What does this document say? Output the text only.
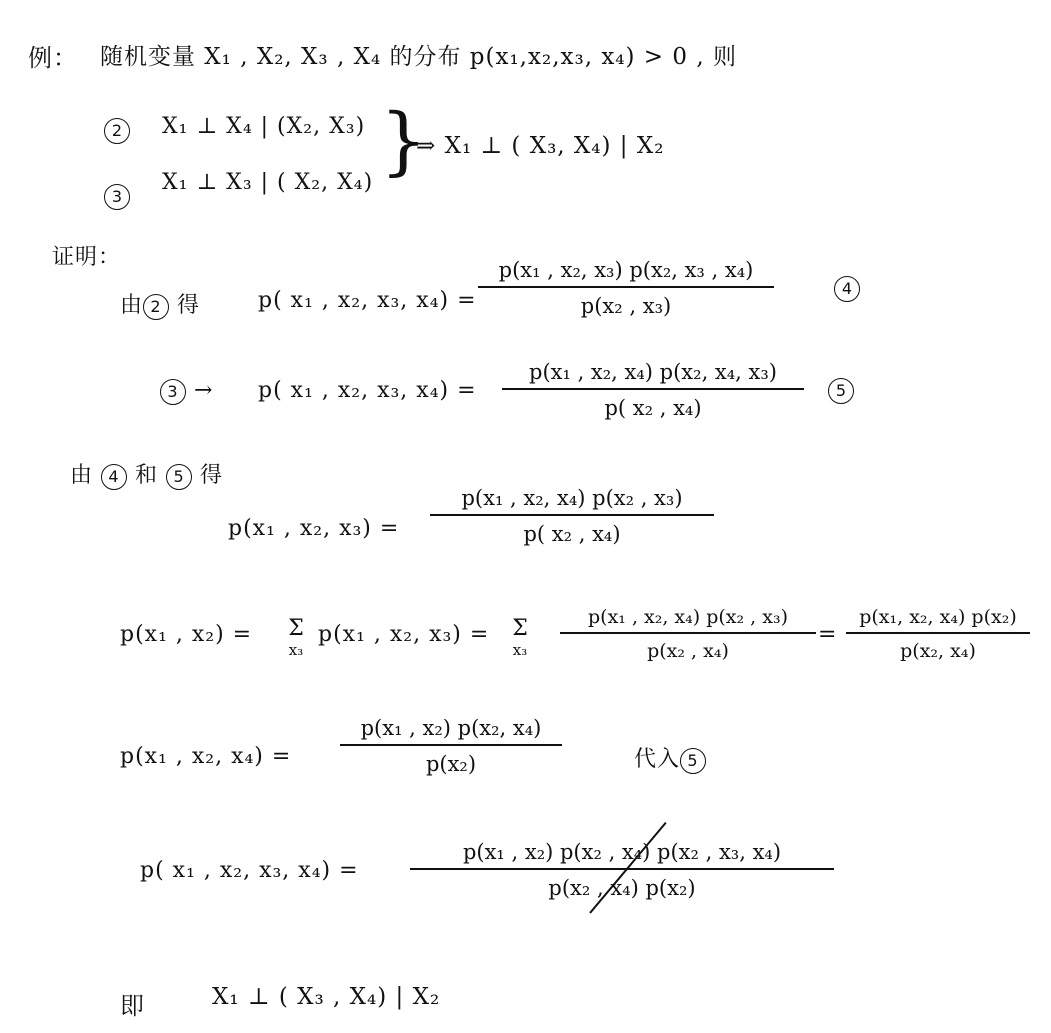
例： 随机变量 X₁ , X₂, X₃ , X₄ 的分布 p(x₁,x₂,x₃, x₄) > 0 , 则
2	X₁ ⊥ X₄ | (X₂, X₃)
3
X₁ ⊥ X₃ | ( X₂, X₄) }
⇒ X₁ ⊥ ( X₃, X₄) | X₂
证明：
由 2 得	p( x₁ , x₂, x₃, x₄) =
p(x₁ , x₂, x₃) p(x₂, x₃ , x₄)
p(x₂ , x₃)
4
3 → p( x₁ , x₂, x₃, x₄) =
p(x₁ , x₂, x₄) p(x₂, x₄, x₃)
p( x₂ , x₄)
5
由 4 和 5 得
p(x₁ , x₂, x₃) =
p(x₁ , x₂, x₄) p(x₂ , x₃)
p( x₂ , x₄)
p(x₁ , x₂) = Σ
x₃
p(x₁ , x₂, x₃) = Σ
x₃
p(x₁ , x₂, x₄) p(x₂ , x₃)
p(x₂ , x₄)
=
p(x₁, x₂, x₄) p(x₂)
p(x₂, x₄)
p(x₁ , x₂, x₄) =
p(x₁ , x₂) p(x₂, x₄)
p(x₂)	代入 5
p( x₁ , x₂, x₃, x₄) =
p(x₁ , x₂) p(x₂ , x₄) p(x₂ , x₃, x₄)
p(x₂ , x₄) p(x₂)
即	X₁ ⊥ ( X₃ , X₄) | X₂
